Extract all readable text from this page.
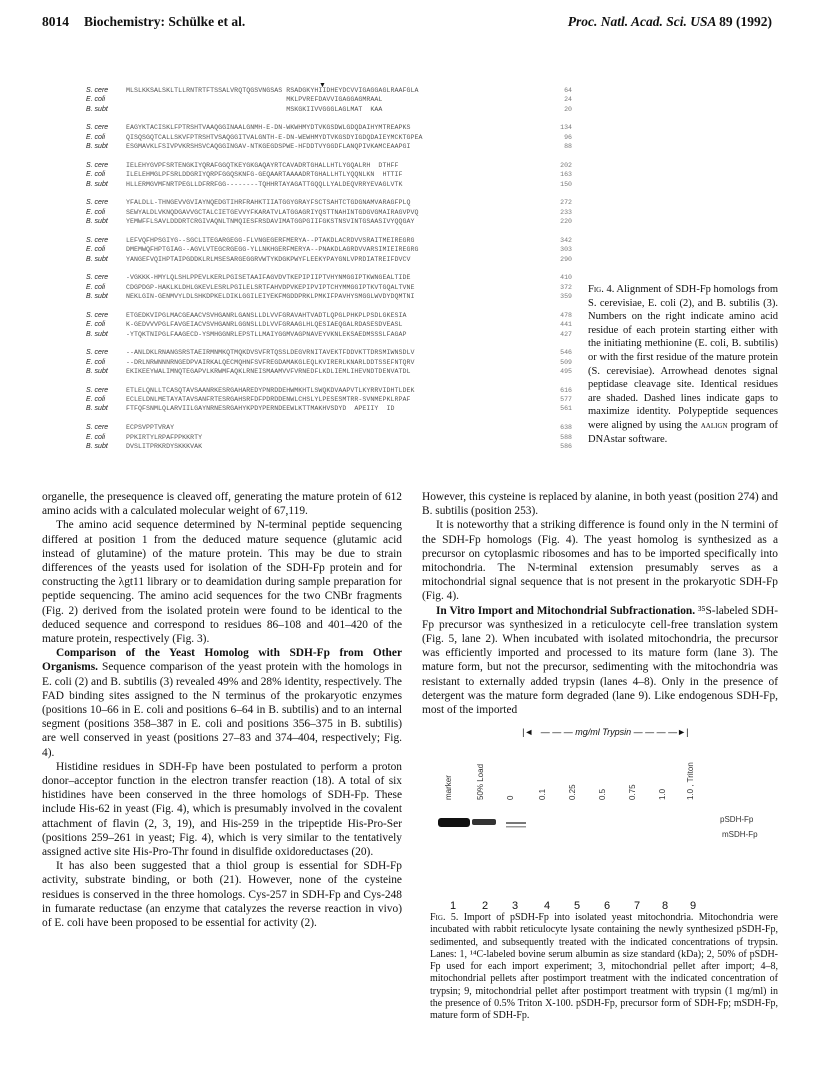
8014 Biochemistry: Schülke et al.	Proc. Natl. Acad. Sci. USA 89 (1992)
▼
S. cere	MLSLKKSALSKLTLLRNTRTFTSSALVRQTQGSVNGSAS RSADGKYHIIDHEYDCVVIGAGGAGLRAAFGLA	64
E. coli	MKLPVREFDAVVIGAGGAGMRAAL	24
B. subt	MSKGKIIVVGGGLAGLMAT  KAA	20
S. cere	EAGYKTACISKLFPTRSHTVAAQGGINAALGNMH-E-DN-WKWHMYDTVKGSDWLGDQDAIHYMTREAPKS	134
E. coli	QISQSGQTCALLSKVFPTRSHTVSAQGGITVALGNTH-E-DN-WEWHMYDTVKGSDYIGDQDAIEYMCKTGPEA	96
B. subt	ESGMAVKLFSIVPVKRSHSVCAQGGINGAV-NTKGEGDSPWE-HFDDTVYGGDFLANQPIVKAMCEAAPGI	88
S. cere	IELEHYGVPFSRTENGKIYQRAFGGQTKEYGKGAQAYRTCAVADRTGHALLHTLYGQALRH  DTHFF	202
E. coli	ILELEHMGLPFSRLDDGRIYQRPFGGQSKNFG-GEQAARTAAAADRTGHALLHTLYQQNLKN  HTTIF	163
B. subt	HLLERMGVMFNRTPEGLLDFRRFGG--------TQHHRTAYAGATTGQQLLYALDEQVRRYEVAGLVTK	150
S. cere	YFALDLL-THNGEVVGVIAYNQEDGTIHRFRAHKTIIATGGYGRAYFSCTSAHTCTGDGNAMVARAGFPLQ	272
E. coli	SEWYALDLVKNQDGAVVGCTALCIETGEVVYFKARATVLATGGAGRIYQSTTNAHINTGDGVGMAIRAGVPVQ	233
B. subt	YEMWFFLSAVLDDDRTCRGIVAQNLTNMQIESFRSDAVIMATGGPGIIFGKSTNSVINTGSAASIVYQQGAY	220
S. cere	LEFVQFHPSGIYG--SGCLITEGARGEGG-FLVNGEGERFMERYA--PTAKDLACRDVVSRAITMEIREGRG	342
E. coli	DMEMWQFHPTGIAG--AGVLVTEGCRGEGG-YLLNKHGERFMERYA--PNAKDLAGRDVVARSIMIEIREGRG	303
B. subt	YANGEFVQIHPTAIPGDDKLRLMSESARGEGGRVWTYKDGKPWYFLEEKYPAYGNLVPRDIATREIFDVCV	290
S. cere	-VGKKK-HMYLQLSHLPPEVLKERLPGISETAAIFAGVDVTKEPIPIIPTVHYNMGGIPTKWNGEALTIDE	410
E. coli	CDGPDGP-HAKLKLDHLGKEVLESRLPGILELSRTFAHVDPVKEPIPVIPTCHYMMGGIPTKVTGQALTVNE	372
B. subt	NEKLGIN-GENMVYLDLSHKDPKELDIKLGGILEIYEKFMGDDPRKLPMKIFPAVHYSMGGLWVDYDQMTNI	359
S. cere	ETGEDKVIPGLMACGEAACVSVHGANRLGANSLLDLVVFGRAVAHTVADTLQPGLPHKPLPSDLGKESIA	478
E. coli	K-GEDVVVPGLFAVGEIACVSVHGANRLGGNSLLDLVVFGRAAGLHLQESIAEQGALRDASESDVEASL	441
B. subt	-YTQKTNIPGLFAAGECD-YSMHGGNRLEPSTLLMAIYGGMVAGPNAVEYVKNLEKSAEDMSSSLFAGAP	427
S. cere	--ANLDKLRNANGSRSTAEIRMNMKQTMQKDVSVFRTQSSLDEGVRNITAVEKTFDDVKTTDRSMIWNSDLV	546
E. coli	--DRLNRWNNNRNGEDPVAIRKALQECMQHNFSVFREGDAMAKGLEQLKVIRERLKNARLDDTSSEFNTQRV	509
B. subt	EKIKEEYWALIMNQTEGAPVLKRWMFAQKLRNEISMAAMVVFVRNEDFLKDLIEMLIHEVNDTDENVATDL	495
S. cere	ETLELQNLLTCASQTAVSAANRKESRGAHAREDYPNRDDEHWMKHTLSWQKDVAAPVTLKYRRVIDHTLDEK	616
E. coli	ECLELDNLMETAYATAVSANFRTESRGAHSRFDFPDRDDENWLCHSLYLPESESMTRR-SVNMEPKLRPAF	577
B. subt	FTFQFSNMLQLARVIILGAYNRNESRGAHYKPDYPERNDEEWLKTTMAKHVSDYD  APEIIY  ID	561
S. cere	ECPSVPPTVRAY	638
E. coli	PPKIRTYLRPAFPPKKRTY	588
B. subt	DVSLITPRKRDYSKKKVAK	586
Fig. 4. Alignment of SDH-Fp homologs from S. cerevisiae, E. coli (2), and B. subtilis (3). Numbers on the right indicate amino acid residue of each protein starting either with the initiating methionine (E. coli, B. subtilis) or with the first residue of the mature protein (S. cerevisiae). Arrowhead denotes signal peptidase cleavage site. Identical residues are shaded. Dashed lines indicate gaps to maximize identity. Polypeptide sequences were aligned by using the aalign program of DNAstar software.

organelle, the presequence is cleaved off, generating the mature protein of 612 amino acids with a calculated molecular weight of 67,119.

The amino acid sequence determined by N-terminal peptide sequencing differed at position 1 from the deduced mature sequence (glutamic acid instead of glutamine) of the mature protein. This may be due to strain differences of the yeasts used for isolation of the SDH-Fp protein and for constructing the λgt11 library or to deamidation during sample preparation for peptide sequencing. The amino acid sequences for the two CNBr fragments (Fig. 2) derived from the isolated protein were found to be identical to the deduced sequence and correspond to residues 86–108 and 401–420 of the mature protein, respectively (Fig. 3).

Comparison of the Yeast Homolog with SDH-Fp from Other Organisms. Sequence comparison of the yeast protein with the homologs in E. coli (2) and B. subtilis (3) revealed 49% and 28% identity, respectively. The FAD binding sites assigned to the N terminus of the prokaryotic enzymes (positions 10–66 in E. coli and positions 6–64 in B. subtilis) and to an internal segment (positions 358–387 in E. coli and positions 356–375 in B. subtilis) are well conserved in yeast (positions 27–83 and 374–404, respectively; Fig. 4).

Histidine residues in SDH-Fp have been postulated to perform a proton donor–acceptor function in the electron transfer reaction (18). A total of six histidines have been conserved in the three homologs of SDH-Fp. These include His-62 in yeast (Fig. 4), which is presumably involved in the covalent attachment of flavin (2, 3, 19), and His-259 in the tripeptide His-Pro-Ser (positions 259–261 in yeast; Fig. 4), which is very similar to the tentatively assigned active site His-Pro-Thr found in disulfide oxidoreductases (20).

It has also been suggested that a thiol group is essential for SDH-Fp activity, substrate binding, or both (21). However, none of the cysteine residues is conserved in the three homologs. Cys-257 in SDH-Fp and Cys-248 in fumarate reductase (an enzyme that catalyzes the reverse reaction in vivo) of E. coli have been proposed to be essential for activity (2).

However, this cysteine is replaced by alanine, in both yeast (position 274) and B. subtilis (position 253).

It is noteworthy that a striking difference is found only in the N termini of the SDH-Fp homologs (Fig. 4). The yeast homolog is synthesized as a precursor on cytoplasmic ribosomes and has to be imported specifically into mitochondria. The N-terminal extension presumably serves as a mitochondrial signal sequence that is not present in the prokaryotic SDH-Fp (Fig. 4).

In Vitro Import and Mitochondrial Subfractionation. ³⁵S-labeled SDH-Fp precursor was synthesized in a reticulocyte cell-free translation system (Fig. 5, lane 2). When incubated with isolated mitochondria, the precursor was efficiently imported and processed to its mature form (lane 3). The mature form, but not the precursor, sedimenting with the mitochondria was resistant to externally added trypsin (lanes 4–8). Only in the presence of detergent was the mature form degraded (lane 9). Like endogenous SDH-Fp, most of the imported

|◄   — — — mg/ml Trypsin — — — —►|
marker	50% Load	0	0.1	0.25	0.5	0.75	1.0 1.0 , Triton
pSDH-Fp
mSDH-Fp
1 2 3 4 5 6 7 8 9
Fig. 5. Import of pSDH-Fp into isolated yeast mitochondria. Mitochondria were incubated with rabbit reticulocyte lysate containing the newly synthesized pSDH-Fp, sedimented, and subsequently treated with the indicated concentrations of trypsin. Lanes: 1, ¹⁴C-labeled bovine serum albumin as size standard (kDa); 2, 50% of pSDH-Fp used for each import experiment; 3, mitochondrial pellet after import; 4–8, mitochondrial pellets after postimport treatment with the indicated concentration of trypsin; 9, mitochondrial pellet after postimport treatment with trypsin (1 mg/ml) in the presence of 0.5% Triton X-100. pSDH-Fp, precursor form of SDH-Fp; mSDH-Fp, mature form of SDH-Fp.
